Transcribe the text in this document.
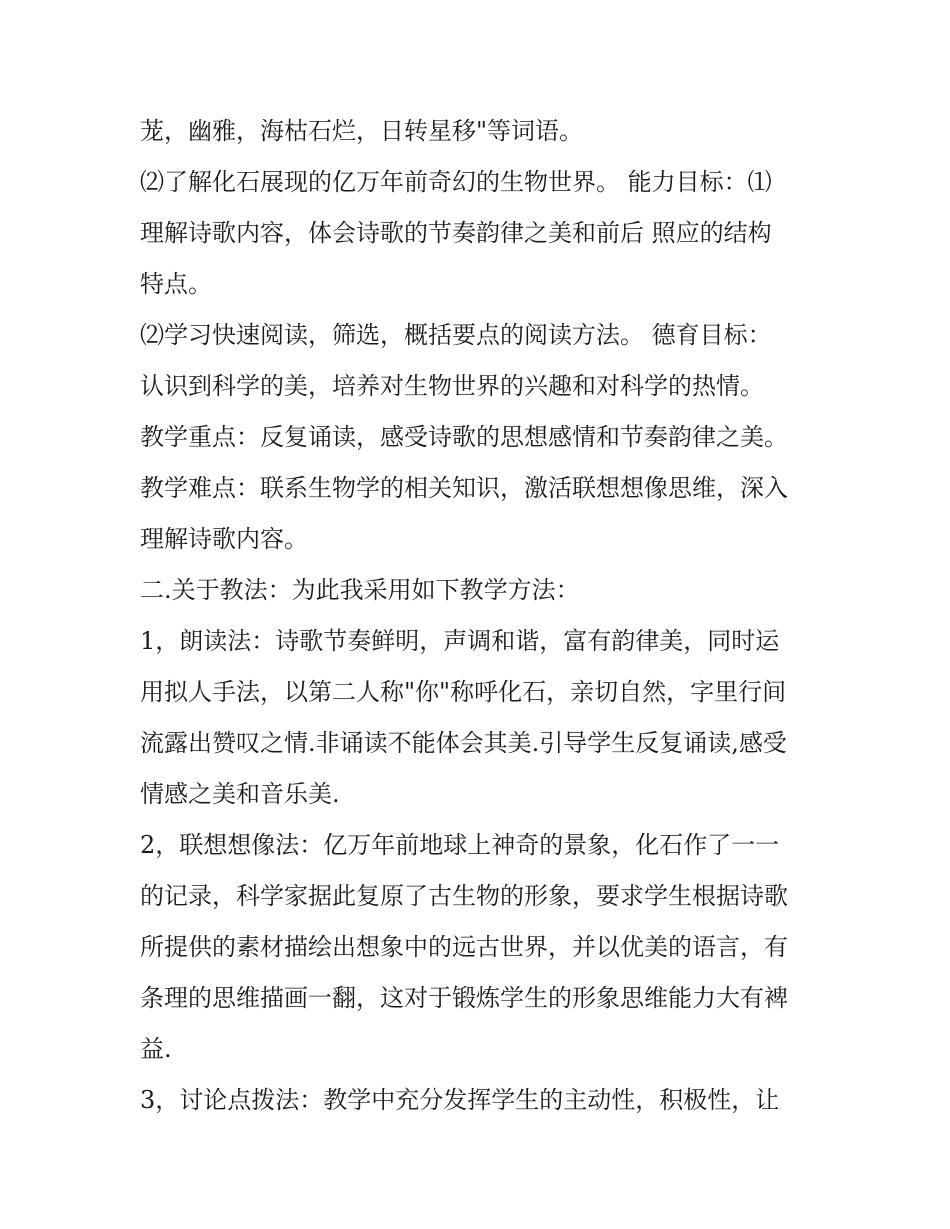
茏，幽雅，海枯石烂，日转星移"等词语。
⑵了解化石展现的亿万年前奇幻的生物世界。 能力目标：⑴
理解诗歌内容，体会诗歌的节奏韵律之美和前后 照应的结构
特点。
⑵学习快速阅读，筛选，概括要点的阅读方法。 德育目标：
认识到科学的美，培养对生物世界的兴趣和对科学的热情。
教学重点：反复诵读，感受诗歌的思想感情和节奏韵律之美。
教学难点：联系生物学的相关知识，激活联想想像思维，深入
理解诗歌内容。
二.关于教法：为此我采用如下教学方法：
1，朗读法：诗歌节奏鲜明，声调和谐，富有韵律美，同时运
用拟人手法，以第二人称"你"称呼化石，亲切自然，字里行间
流露出赞叹之情.非诵读不能体会其美.引导学生反复诵读,感受
情感之美和音乐美.
2，联想想像法：亿万年前地球上神奇的景象，化石作了一一
的记录，科学家据此复原了古生物的形象，要求学生根据诗歌
所提供的素材描绘出想象中的远古世界，并以优美的语言，有
条理的思维描画一翻，这对于锻炼学生的形象思维能力大有裨
益.
3，讨论点拨法：教学中充分发挥学生的主动性，积极性，让
